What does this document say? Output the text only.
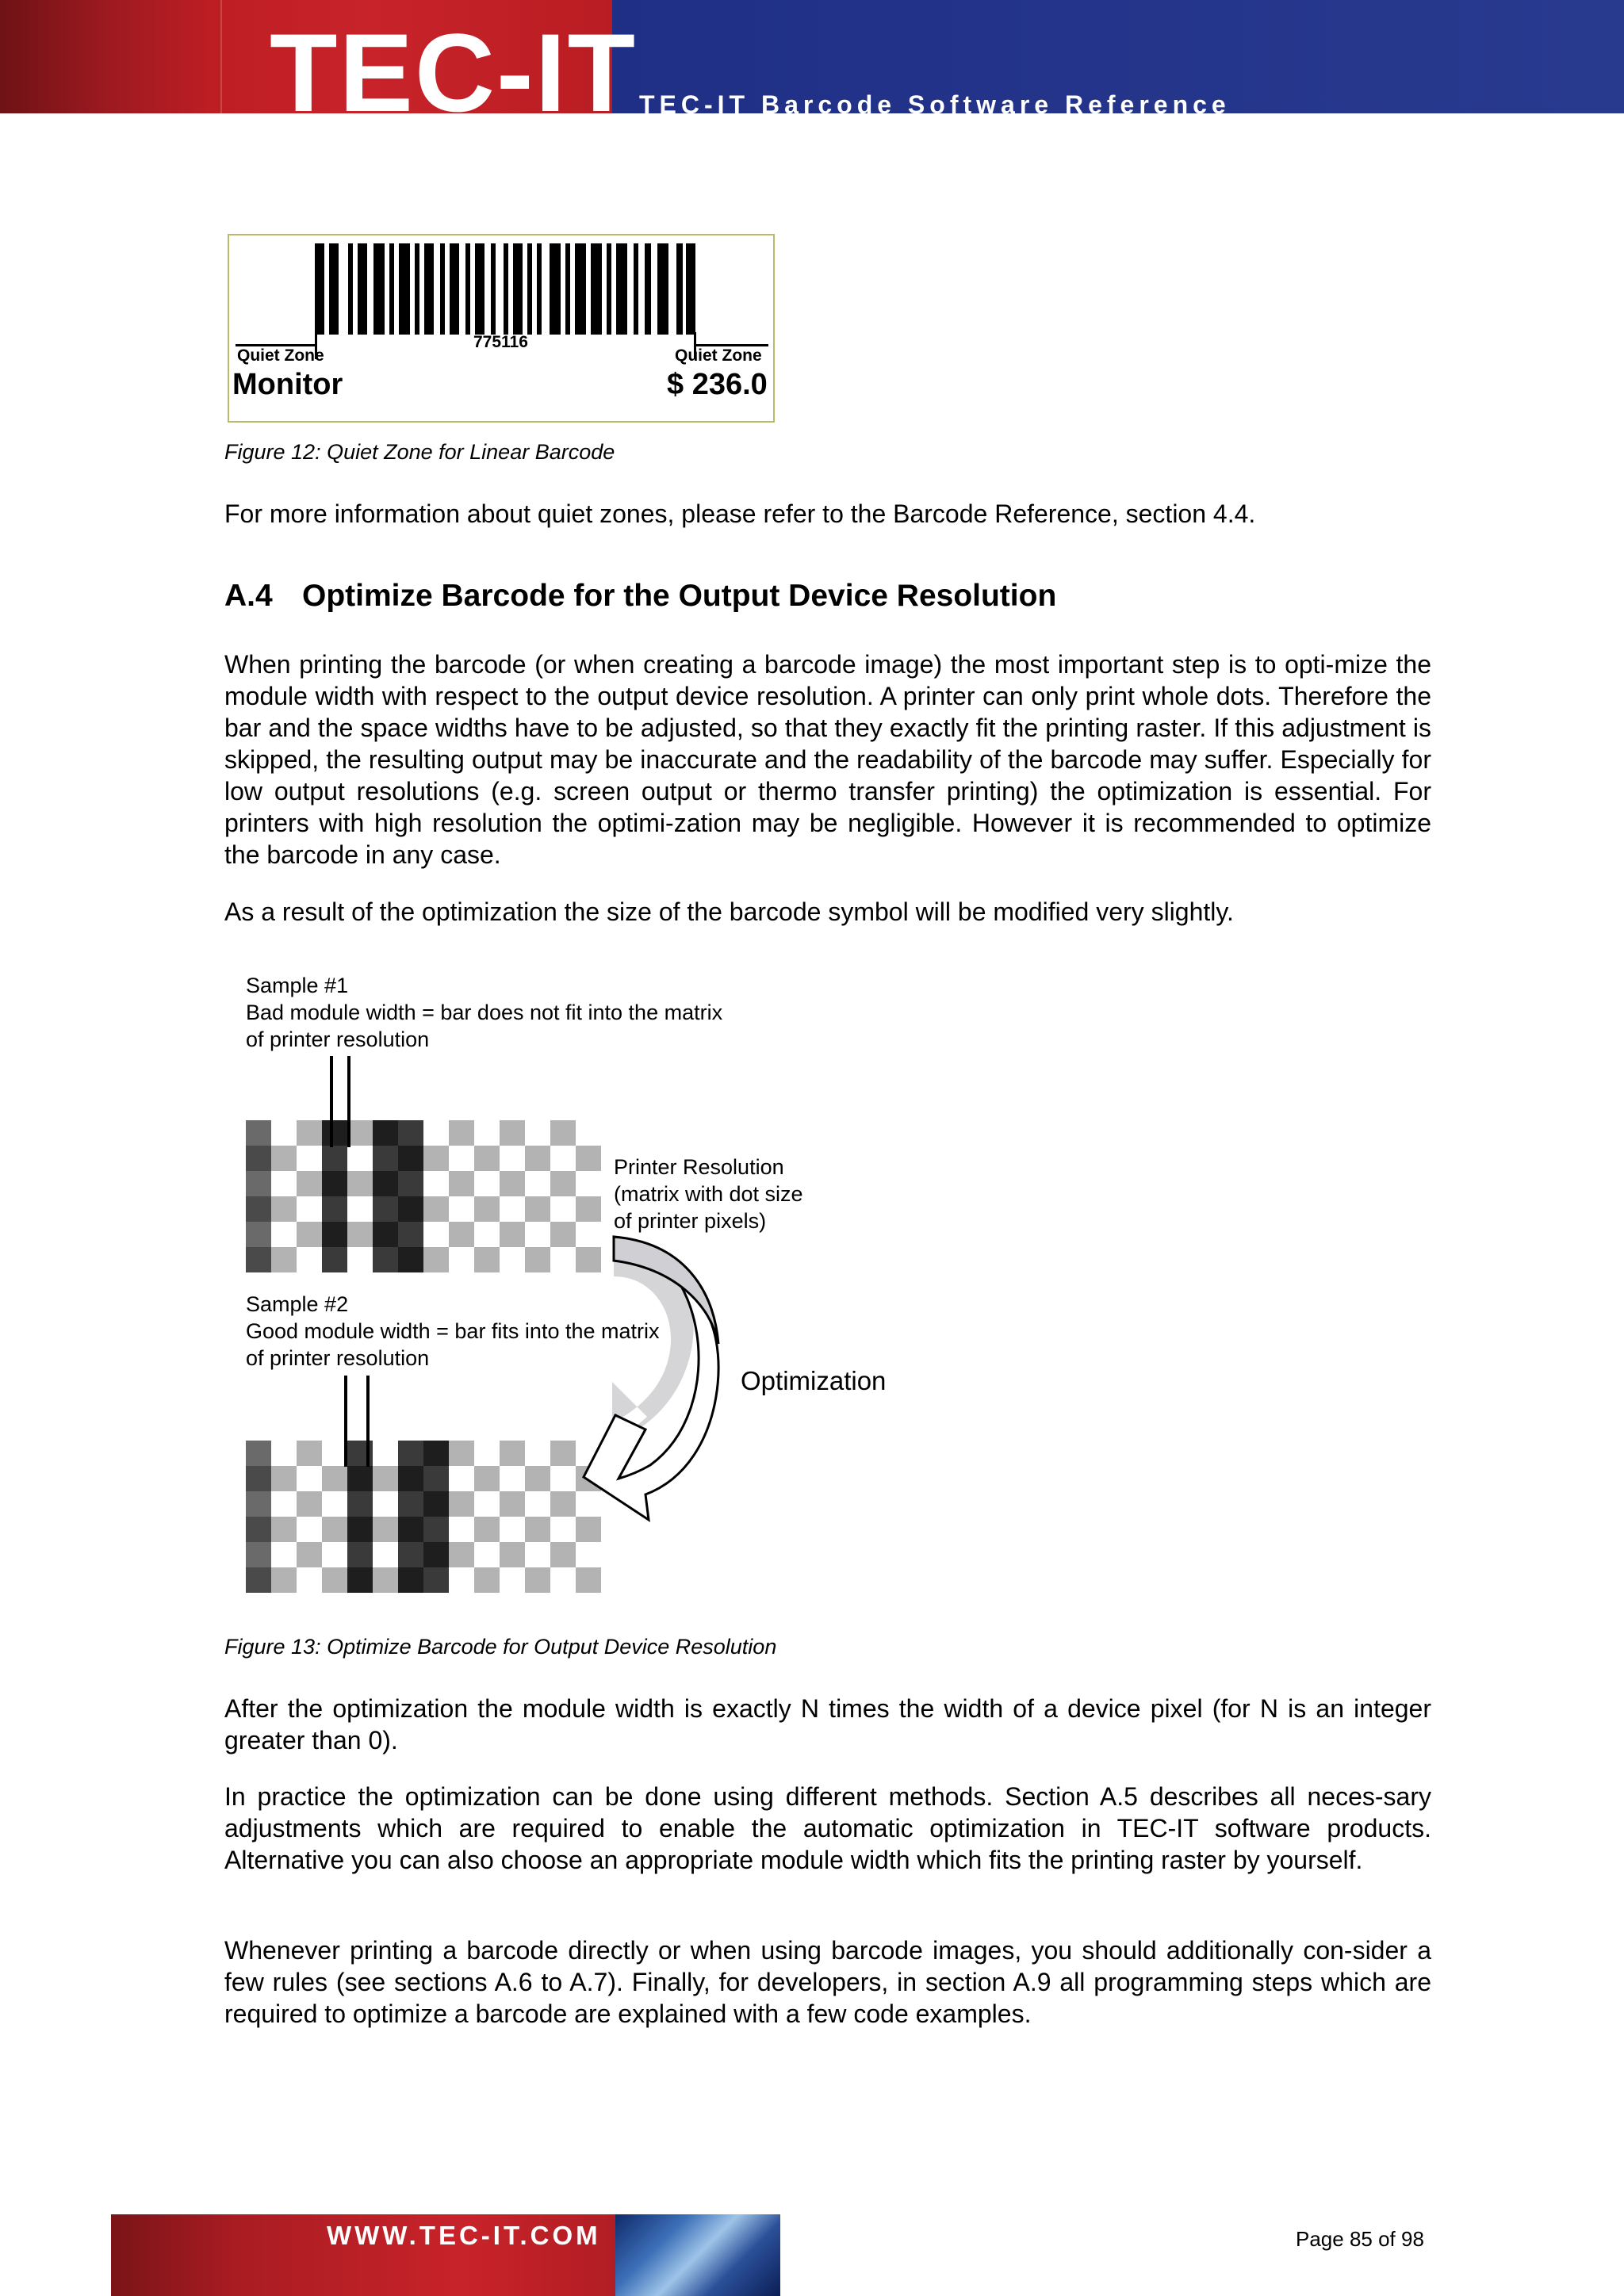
TEC-IT TEC-IT Barcode Software Reference
775116
Quiet Zone	Quiet Zone
Monitor	$ 236.0
Figure 12: Quiet Zone for Linear Barcode

For more information about quiet zones, please refer to the Barcode Reference, section 4.4.

A.4 Optimize Barcode for the Output Device Resolution

When printing the barcode (or when creating a barcode image) the most important step is to opti-mize the module width with respect to the output device resolution. A printer can only print whole dots. Therefore the bar and the space widths have to be adjusted, so that they exactly fit the printing raster. If this adjustment is skipped, the resulting output may be inaccurate and the readability of the barcode may suffer. Especially for low output resolutions (e.g. screen output or thermo transfer printing) the optimization is essential. For printers with high resolution the optimi-zation may be negligible. However it is recommended to optimize the barcode in any case.

As a result of the optimization the size of the barcode symbol will be modified very slightly.

Sample #1
Bad module width = bar does not fit into the matrix
of printer resolution
Printer Resolution
(matrix with dot size
of printer pixels)
Sample #2
Good module width = bar fits into the matrix
of printer resolution
Optimization
Figure 13: Optimize Barcode for Output Device Resolution

After the optimization the module width is exactly N times the width of a device pixel (for N is an integer greater than 0).

In practice the optimization can be done using different methods. Section A.5 describes all neces-sary adjustments which are required to enable the automatic optimization in TEC-IT software products. Alternative you can also choose an appropriate module width which fits the printing raster by yourself.

Whenever printing a barcode directly or when using barcode images, you should additionally con-sider a few rules (see sections A.6 to A.7). Finally, for developers, in section A.9 all programming steps which are required to optimize a barcode are explained with a few code examples.

WWW.TEC-IT.COM	Page 85 of 98
